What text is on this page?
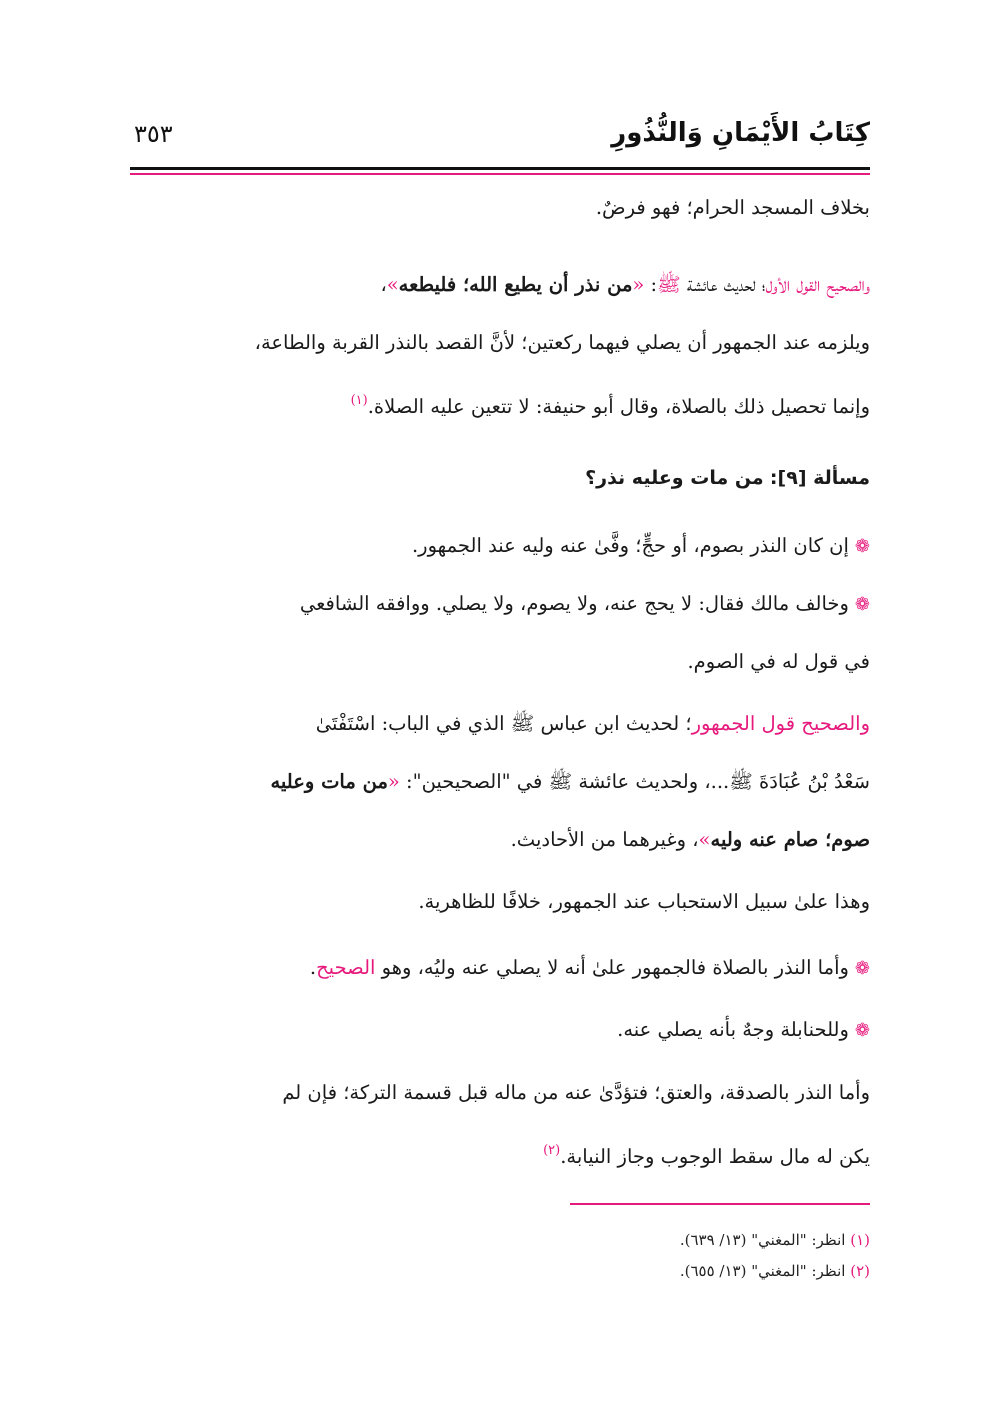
كِتَابُ الأَيْمَانِ وَالنُّذُورِ
٣٥٣
بخلاف المسجد الحرام؛ فهو فرضٌ.
والصحيح القول الأول؛ لحديث عائشة ﷺ: «من نذر أن يطيع الله؛ فليطعه»،
ويلزمه عند الجمهور أن يصلي فيهما ركعتين؛ لأنَّ القصد بالنذر القربة والطاعة،
وإنما تحصيل ذلك بالصلاة، وقال أبو حنيفة: لا تتعين عليه الصلاة.$^{(١)}$
مسألة [٩]: من مات وعليه نذر؟
❁إن كان النذر بصوم، أو حجٍّ؛ وفَّىٰ عنه وليه عند الجمهور.
❁وخالف مالك فقال: لا يحج عنه، ولا يصوم، ولا يصلي. ووافقه الشافعي
في قول له في الصوم.
والصحيح قول الجمهور؛ لحديث ابن عباس ﷺ الذي في الباب: اسْتَفْتَىٰ
سَعْدُ بْنُ عُبَادَةَ ﷺ...، ولحديث عائشة ﷺ في "الصحيحين": «من مات وعليه
صوم؛ صام عنه وليه»، وغيرهما من الأحاديث.
وهذا علىٰ سبيل الاستحباب عند الجمهور، خلافًا للظاهرية.
❁وأما النذر بالصلاة فالجمهور علىٰ أنه لا يصلي عنه وليُه، وهو الصحيح.
❁وللحنابلة وجهٌ بأنه يصلي عنه.
وأما النذر بالصدقة، والعتق؛ فتؤدَّىٰ عنه من ماله قبل قسمة التركة؛ فإن لم
يكن له مال سقط الوجوب وجاز النيابة.$^{(٢)}$
(١) انظر: "المغني" (١٣/ ٦٣٩).
(٢) انظر: "المغني" (١٣/ ٦٥٥).
